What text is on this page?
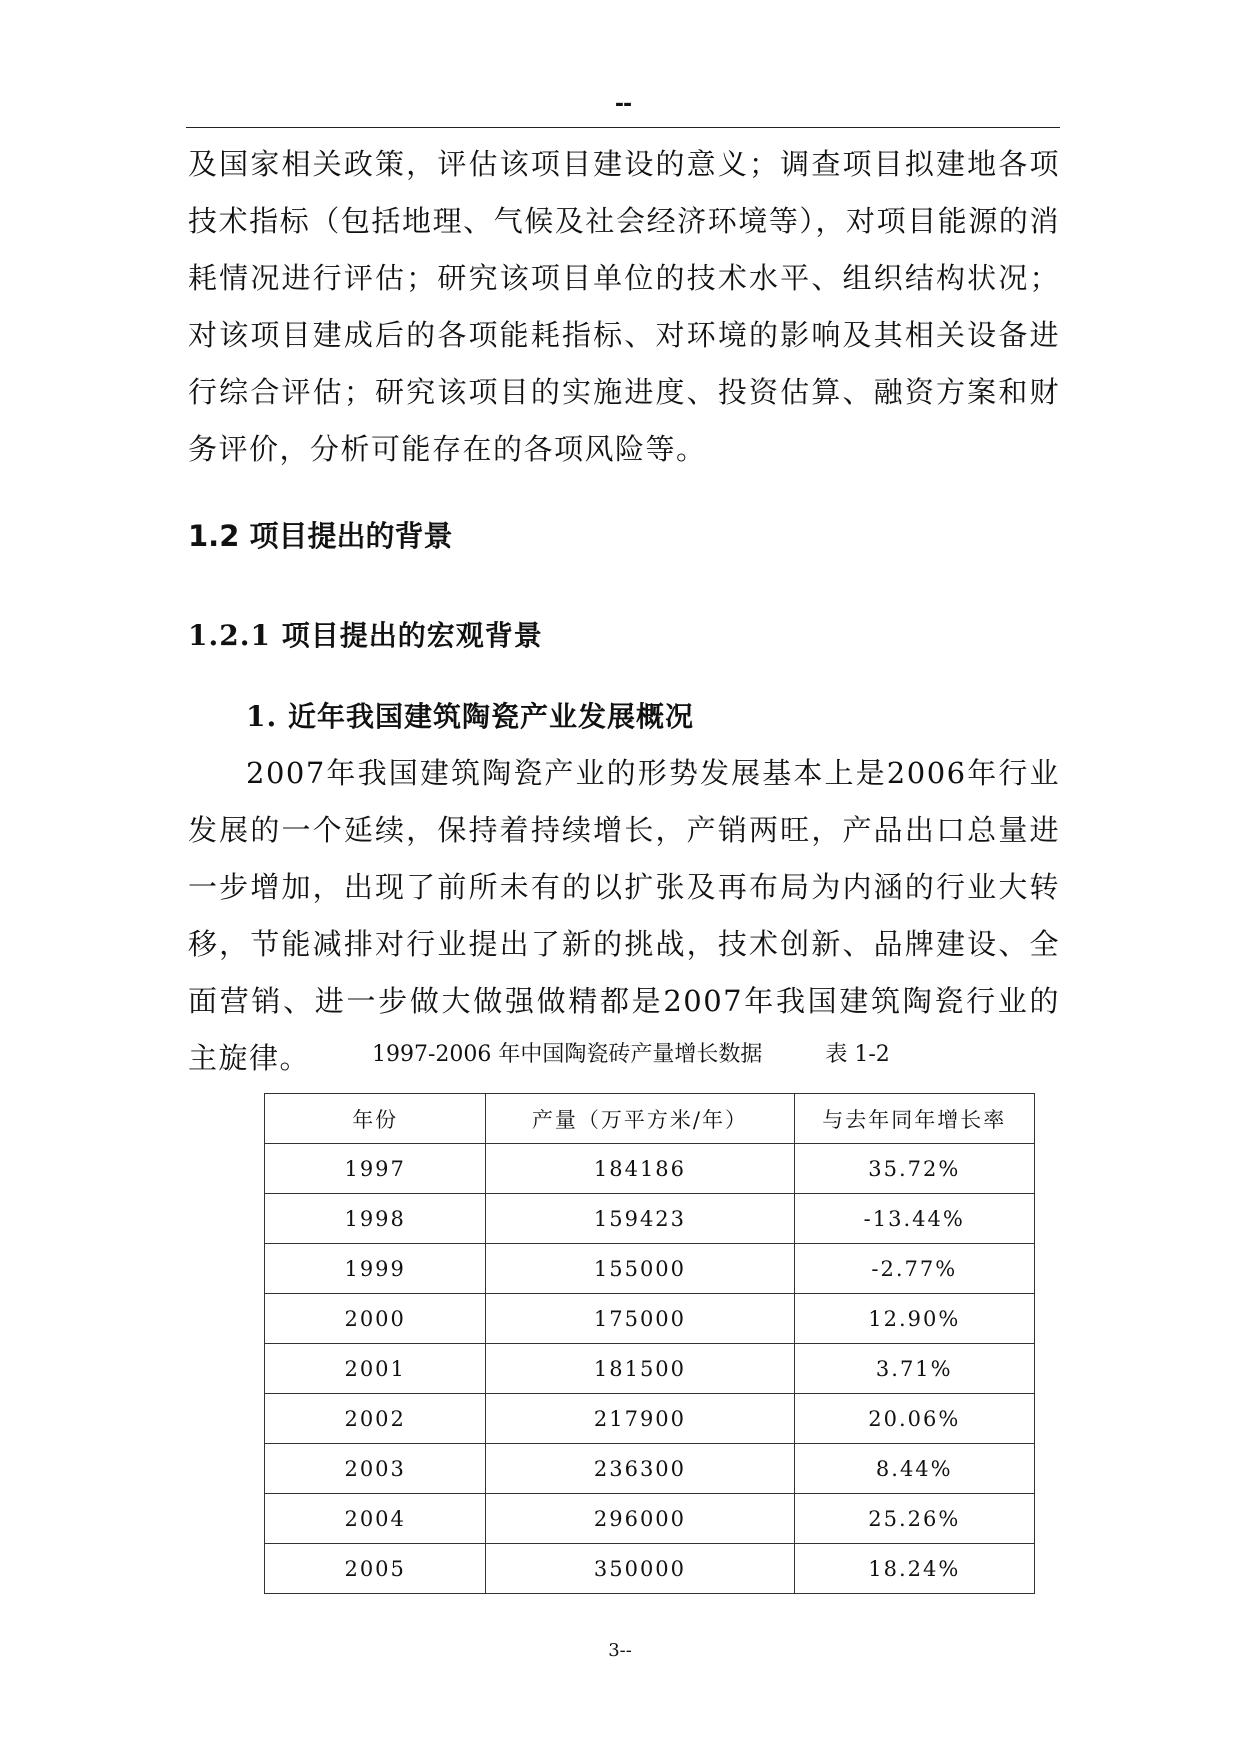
--

及国家相关政策，评估该项目建设的意义；调查项目拟建地各项技术指标（包括地理、气候及社会经济环境等），对项目能源的消耗情况进行评估；研究该项目单位的技术水平、组织结构状况；对该项目建成后的各项能耗指标、对环境的影响及其相关设备进行综合评估；研究该项目的实施进度、投资估算、融资方案和财务评价，分析可能存在的各项风险等。

1.2 项目提出的背景
1.2.1 项目提出的宏观背景
1. 近年我国建筑陶瓷产业发展概况

2007年我国建筑陶瓷产业的形势发展基本上是2006年行业发展的一个延续，保持着持续增长，产销两旺，产品出口总量进一步增加，出现了前所未有的以扩张及再布局为内涵的行业大转移，节能减排对行业提出了新的挑战，技术创新、品牌建设、全面营销、进一步做大做强做精都是2007年我国建筑陶瓷行业的主旋律。	1997-2006 年中国陶瓷砖产量增长数据         表 1-2
年份	产量（万平方米/年）	与去年同年增长率
1997	184186	35.72%
1998	159423	-13.44%
1999	155000	-2.77%
2000	175000	12.90%
2001	181500	3.71%
2002	217900	20.06%
2003	236300	8.44%
2004	296000	25.26%
2005	350000	18.24%
3--
